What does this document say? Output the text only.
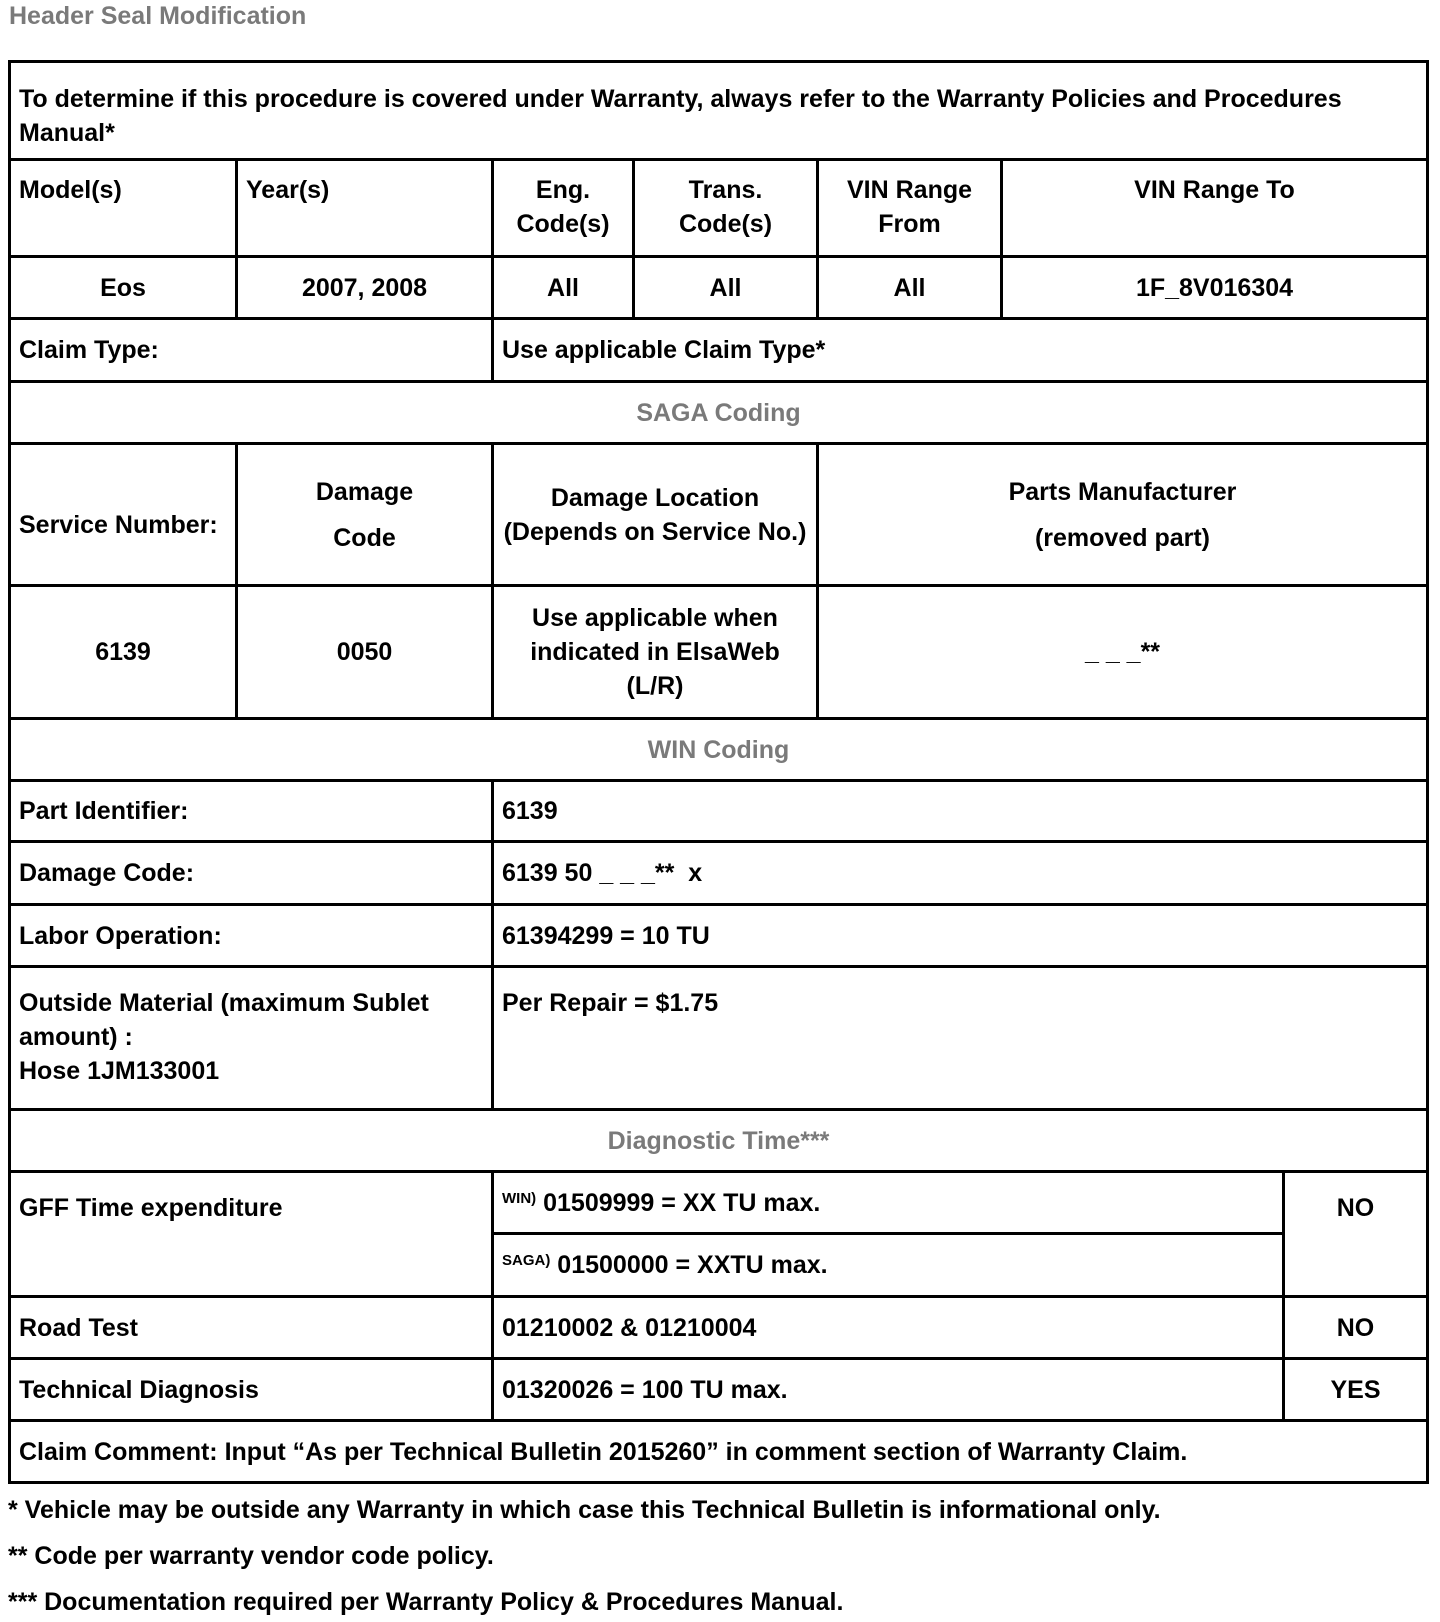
Header Seal Modification
To determine if this procedure is covered under Warranty, always refer to the Warranty Policies and Procedures Manual*						
Model(s)	Year(s)	Eng. Code(s)	Trans. Code(s)	VIN Range From	VIN Range To	
Eos	2007, 2008	All	All	All	1F_8V016304	
Claim Type:		Use applicable Claim Type*				
SAGA Coding						
Service Number:	Damage Code	Damage Location (Depends on Service No.)		Parts Manufacturer (removed part)		
6139	0050	Use applicable when indicated in ElsaWeb (L/R)		_ _ _**		
WIN Coding						
Part Identifier:		6139				
Damage Code:		6139 50 _ _ _**  x				
Labor Operation:		61394299 = 10 TU				

Outside Material (maximum Sublet amount) :
Hose 1JM133001		Per Repair = $1.75				
Diagnostic Time***						
GFF Time expenditure		$^{WIN)}$ 01509999 = XX TU max.				NO
		$^{SAGA)}$ 01500000 = XXTU max.				
Road Test		01210002 & 01210004				NO
Technical Diagnosis		01320026 = 100 TU max.				YES
Claim Comment: Input “As per Technical Bulletin 2015260” in comment section of Warranty Claim.						
* Vehicle may be outside any Warranty in which case this Technical Bulletin is informational only.
** Code per warranty vendor code policy.
*** Documentation required per Warranty Policy & Procedures Manual.
